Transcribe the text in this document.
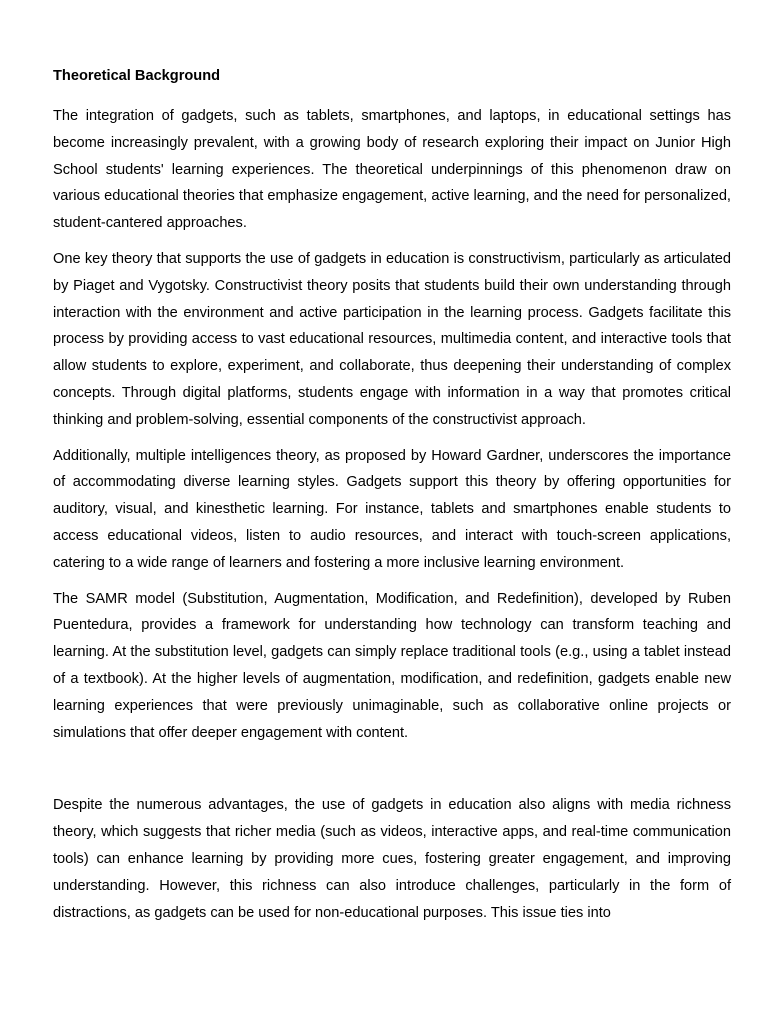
Theoretical Background

The integration of gadgets, such as tablets, smartphones, and laptops, in educational settings has become increasingly prevalent, with a growing body of research exploring their impact on Junior High School students' learning experiences. The theoretical underpinnings of this phenomenon draw on various educational theories that emphasize engagement, active learning, and the need for personalized, student-cantered approaches.

One key theory that supports the use of gadgets in education is constructivism, particularly as articulated by Piaget and Vygotsky. Constructivist theory posits that students build their own understanding through interaction with the environment and active participation in the learning process. Gadgets facilitate this process by providing access to vast educational resources, multimedia content, and interactive tools that allow students to explore, experiment, and collaborate, thus deepening their understanding of complex concepts. Through digital platforms, students engage with information in a way that promotes critical thinking and problem-solving, essential components of the constructivist approach.

Additionally, multiple intelligences theory, as proposed by Howard Gardner, underscores the importance of accommodating diverse learning styles. Gadgets support this theory by offering opportunities for auditory, visual, and kinesthetic learning. For instance, tablets and smartphones enable students to access educational videos, listen to audio resources, and interact with touch-screen applications, catering to a wide range of learners and fostering a more inclusive learning environment.

The SAMR model (Substitution, Augmentation, Modification, and Redefinition), developed by Ruben Puentedura, provides a framework for understanding how technology can transform teaching and learning. At the substitution level, gadgets can simply replace traditional tools (e.g., using a tablet instead of a textbook). At the higher levels of augmentation, modification, and redefinition, gadgets enable new learning experiences that were previously unimaginable, such as collaborative online projects or simulations that offer deeper engagement with content.

Despite the numerous advantages, the use of gadgets in education also aligns with media richness theory, which suggests that richer media (such as videos, interactive apps, and real-time communication tools) can enhance learning by providing more cues, fostering greater engagement, and improving understanding. However, this richness can also introduce challenges, particularly in the form of distractions, as gadgets can be used for non-educational purposes. This issue ties into
